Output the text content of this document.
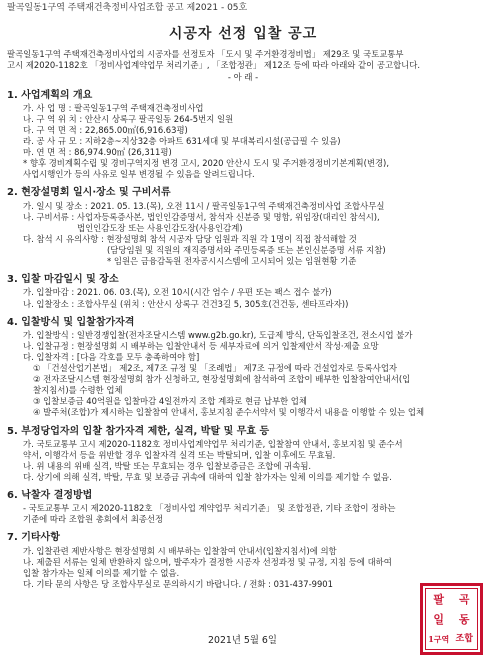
팔곡일동1구역 주택재건축정비사업조합 공고 제2021 - 05호
시공자 선정 입찰 공고
팔곡일동1구역 주택재건축정비사업의 시공자를 선정토자 「도시 및 주거환경정비법」 제29조 및 국토교통부
고시 제2020-1182호 「정비사업계약업무 처리기준」, 「조합정관」 제12조 등에 따라 아래와 같이 공고합니다.
- 아 래 -
1. 사업계획의 개요
가. 사 업 명 : 팔곡일동1구역 주택재건축정비사업
나. 구 역 위 치 : 안산시 상록구 팔곡일동 264-5번지 일원
다. 구 역 면 적 : 22,865.00㎡(6,916.63평)
라. 공 사 규 모 : 지하2층~지상32층 아파트 631세대 및 부대복리시설(공급필 수 있음)
마. 연 면 적 : 86,974.90㎡ (26,311평)
* 향후 경비계획수립 및 경비구역지정 변경 고시, 2020 안산시 도시 및 주거환경정비기본계획(변경),
사업시행인가 등의 사유로 일부 변경될 수 있음을 알려드립니다.
2. 현장설명회 일시·장소 및 구비서류
가. 일시 및 장소 : 2021. 05. 13.(목), 오전 11시 / 팔곡일동1구역 주택재건축정비사업 조합사무실
나. 구비서류 : 사업자등록증사본, 법인인감증명서, 참석자 신분증 및 명함, 위임장(대리인 참석시),
법인인감도장 또는 사용인감도장(사용인감계)
다. 참석 시 유의사항 : 현장설명회 참석 시공자 담당 임원과 직원 각 1명이 직접 참석해할 것
(담당임원 및 직원의 재직증명서와 주민등록증 또는 본인신분증명 서류 지참)
* 임원은 금융감독원 전자공시시스템에 고시되어 있는 임원현황 기준
3. 입찰 마감일시 및 장소
가. 입찰마감 : 2021. 06. 03.(목), 오전 10시(시간 엄수 / 우편 또는 팩스 접수 불가)
나. 입찰장소 : 조합사무실 (위치 : 안산시 상록구 건건3길 5, 305호(건건동, 센타프라자))
4. 입찰방식 및 입찰참가자격
가. 입찰방식 : 일반경쟁입찰(전자조달시스템 www.g2b.go.kr), 도급제 방식, 단독입찰조건, 전소시업 불가
나. 입찰규정 : 현장설명회 시 배부하는 입찰안내서 등 세부자료에 의거 입찰제안서 작성·제출 요망
다. 입찰자격 : [다음 각호를 모두 충족하여야 함]
① 「건설산업기본법」 제2조, 제7조 규정 및 「조례법」 제7조 규정에 따라 건설업자로 등록사업자
② 전자조달시스템 현장설명회 참가 신청하고, 현장설명회에 참석하여 조합이 배부한 입찰참여안내서(입
찰지침서)를 수령한 업체
③ 입찰보증금 40억원을 입찰마감 4일전까지 조합 계좌로 현금 납부한 업체
④ 발주처(조합)가 제시하는 입찰참여 안내서, 홍보지침 준수서약서 및 이행각서 내용을 이행할 수 있는 업체
5. 부정당업자의 입찰 참가자격 제한, 실격, 박탈 및 무효 등
가. 국토교통부 고시 제2020-1182호 정비사업계약업무 처리기준, 입찰참여 안내서, 홍보지침 및 준수서
약서, 이행각서 등을 위반할 경우 입찰자격 실격 또는 박탈되며, 입찰 이후에도 무효됨.
나. 위 내용의 위배 실격, 박탈 또는 무효되는 경우 입찰보증금은 조합에 귀속됨.
다. 상기에 의해 실격, 박탈, 무효 및 보증금 귀속에 대하여 입찰 참가자는 일체 이의를 제기할 수 없음.
6. 낙찰자 결정방법
- 국토교통부 고시 제2020-1182호 「정비사업 계약업무 처리기준」 및 조합정관, 기타 조합이 정하는
기준에 따라 조합원 총회에서 최종선정
7. 기타사항
가. 입찰관련 제반사항은 현장설명회 시 배부하는 입찰참여 안내서(입찰지침서)에 의함
나. 제출된 서류는 일체 반환하지 않으며, 발주자가 결정한 시공자 선정과정 및 규정, 지침 등에 대하여
입찰 참가자는 일체 이의를 제기할 수 없음.
다. 기타 문의 사항은 당 조합사무실로 문의하시기 바랍니다. / 전화 : 031-437-9901
2021년 5월 6일
팔	곡
일	동
1구역 조합
